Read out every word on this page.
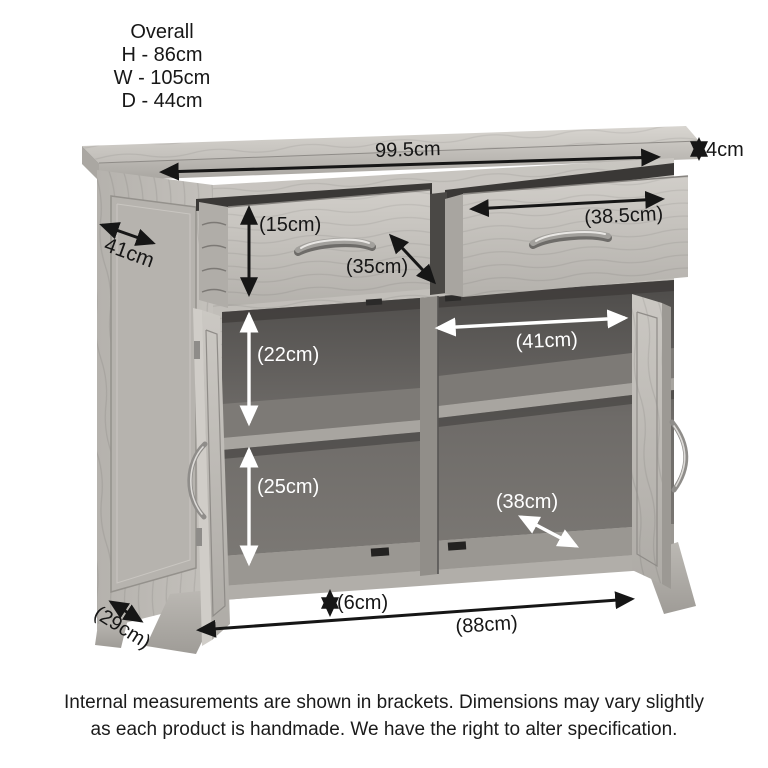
Overall
H - 86cm
W - 105cm
D - 44cm
99.5cm	4cm
41cm
(15cm)
(35cm)
(38.5cm)
(22cm)
(41cm)
(25cm)
(38cm)
(6cm)
(88cm)
(29cm)
Internal measurements are shown in brackets. Dimensions may vary slightly
as each product is handmade. We have the right to alter specification.
